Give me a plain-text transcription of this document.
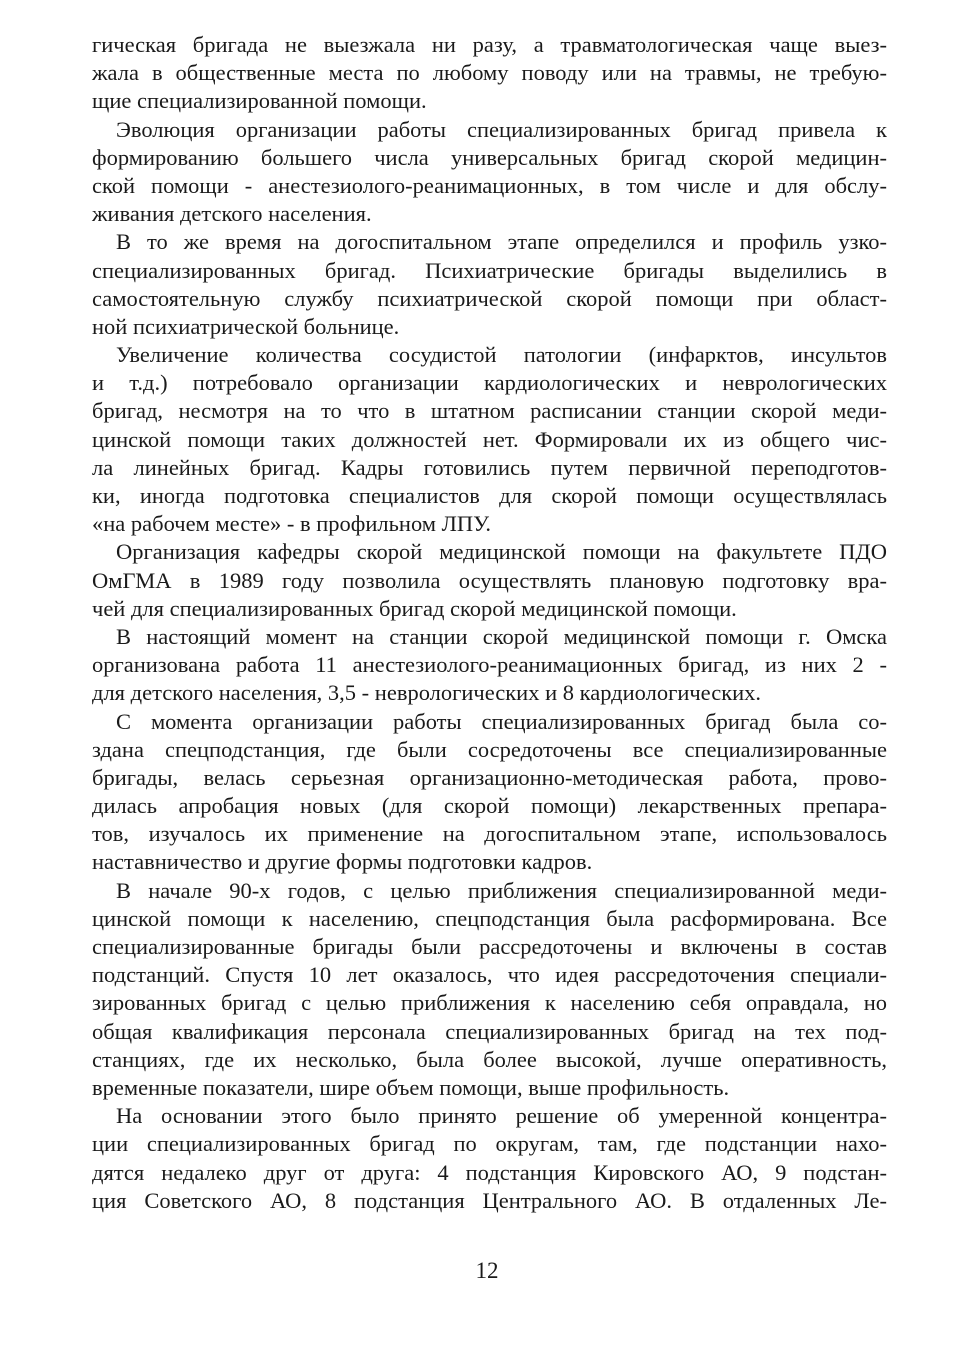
гическая бригада не выезжала ни разу, а травматологическая чаще выез-
жала в общественные места по любому поводу или на травмы, не требую-
щие специализированной помощи.
Эволюция организации работы специализированных бригад привела к
формированию большего числа универсальных бригад скорой медицин-
ской помощи - анестезиолого-реанимационных, в том числе и для обслу-
живания детского населения.
В то же время на догоспитальном этапе определился и профиль узко-
специализированных бригад. Психиатрические бригады выделились в
самостоятельную службу психиатрической скорой помощи при област-
ной психиатрической больнице.
Увеличение количества сосудистой патологии (инфарктов, инсультов
и т.д.) потребовало организации кардиологических и неврологических
бригад, несмотря на то что в штатном расписании станции скорой меди-
цинской помощи таких должностей нет. Формировали их из общего чис-
ла линейных бригад. Кадры готовились путем первичной переподготов-
ки, иногда подготовка специалистов для скорой помощи осуществлялась
«на рабочем месте» - в профильном ЛПУ.
Организация кафедры скорой медицинской помощи на факультете ПДО
ОмГМА в 1989 году позволила осуществлять плановую подготовку вра-
чей для специализированных бригад скорой медицинской помощи.
В настоящий момент на станции скорой медицинской помощи г. Омска
организована работа 11 анестезиолого-реанимационных бригад, из них 2 -
для детского населения, 3,5 - неврологических и 8 кардиологических.
С момента организации работы специализированных бригад была со-
здана спецподстанция, где были сосредоточены все специализированные
бригады, велась серьезная организационно-методическая работа, прово-
дилась апробация новых (для скорой помощи) лекарственных препара-
тов, изучалось их применение на догоспитальном этапе, использовалось
наставничество и другие формы подготовки кадров.
В начале 90-х годов, с целью приближения специализированной меди-
цинской помощи к населению, спецподстанция была расформирована. Все
специализированные бригады были рассредоточены и включены в состав
подстанций. Спустя 10 лет оказалось, что идея рассредоточения специали-
зированных бригад с целью приближения к населению себя оправдала, но
общая квалификация персонала специализированных бригад на тех под-
станциях, где их несколько, была более высокой, лучше оперативность,
временные показатели, шире объем помощи, выше профильность.
На основании этого было принято решение об умеренной концентра-
ции специализированных бригад по округам, там, где подстанции нахо-
дятся недалеко друг от друга: 4 подстанция Кировского АО, 9 подстан-
ция Советского АО, 8 подстанция Центрального АО. В отдаленных Ле-
12
